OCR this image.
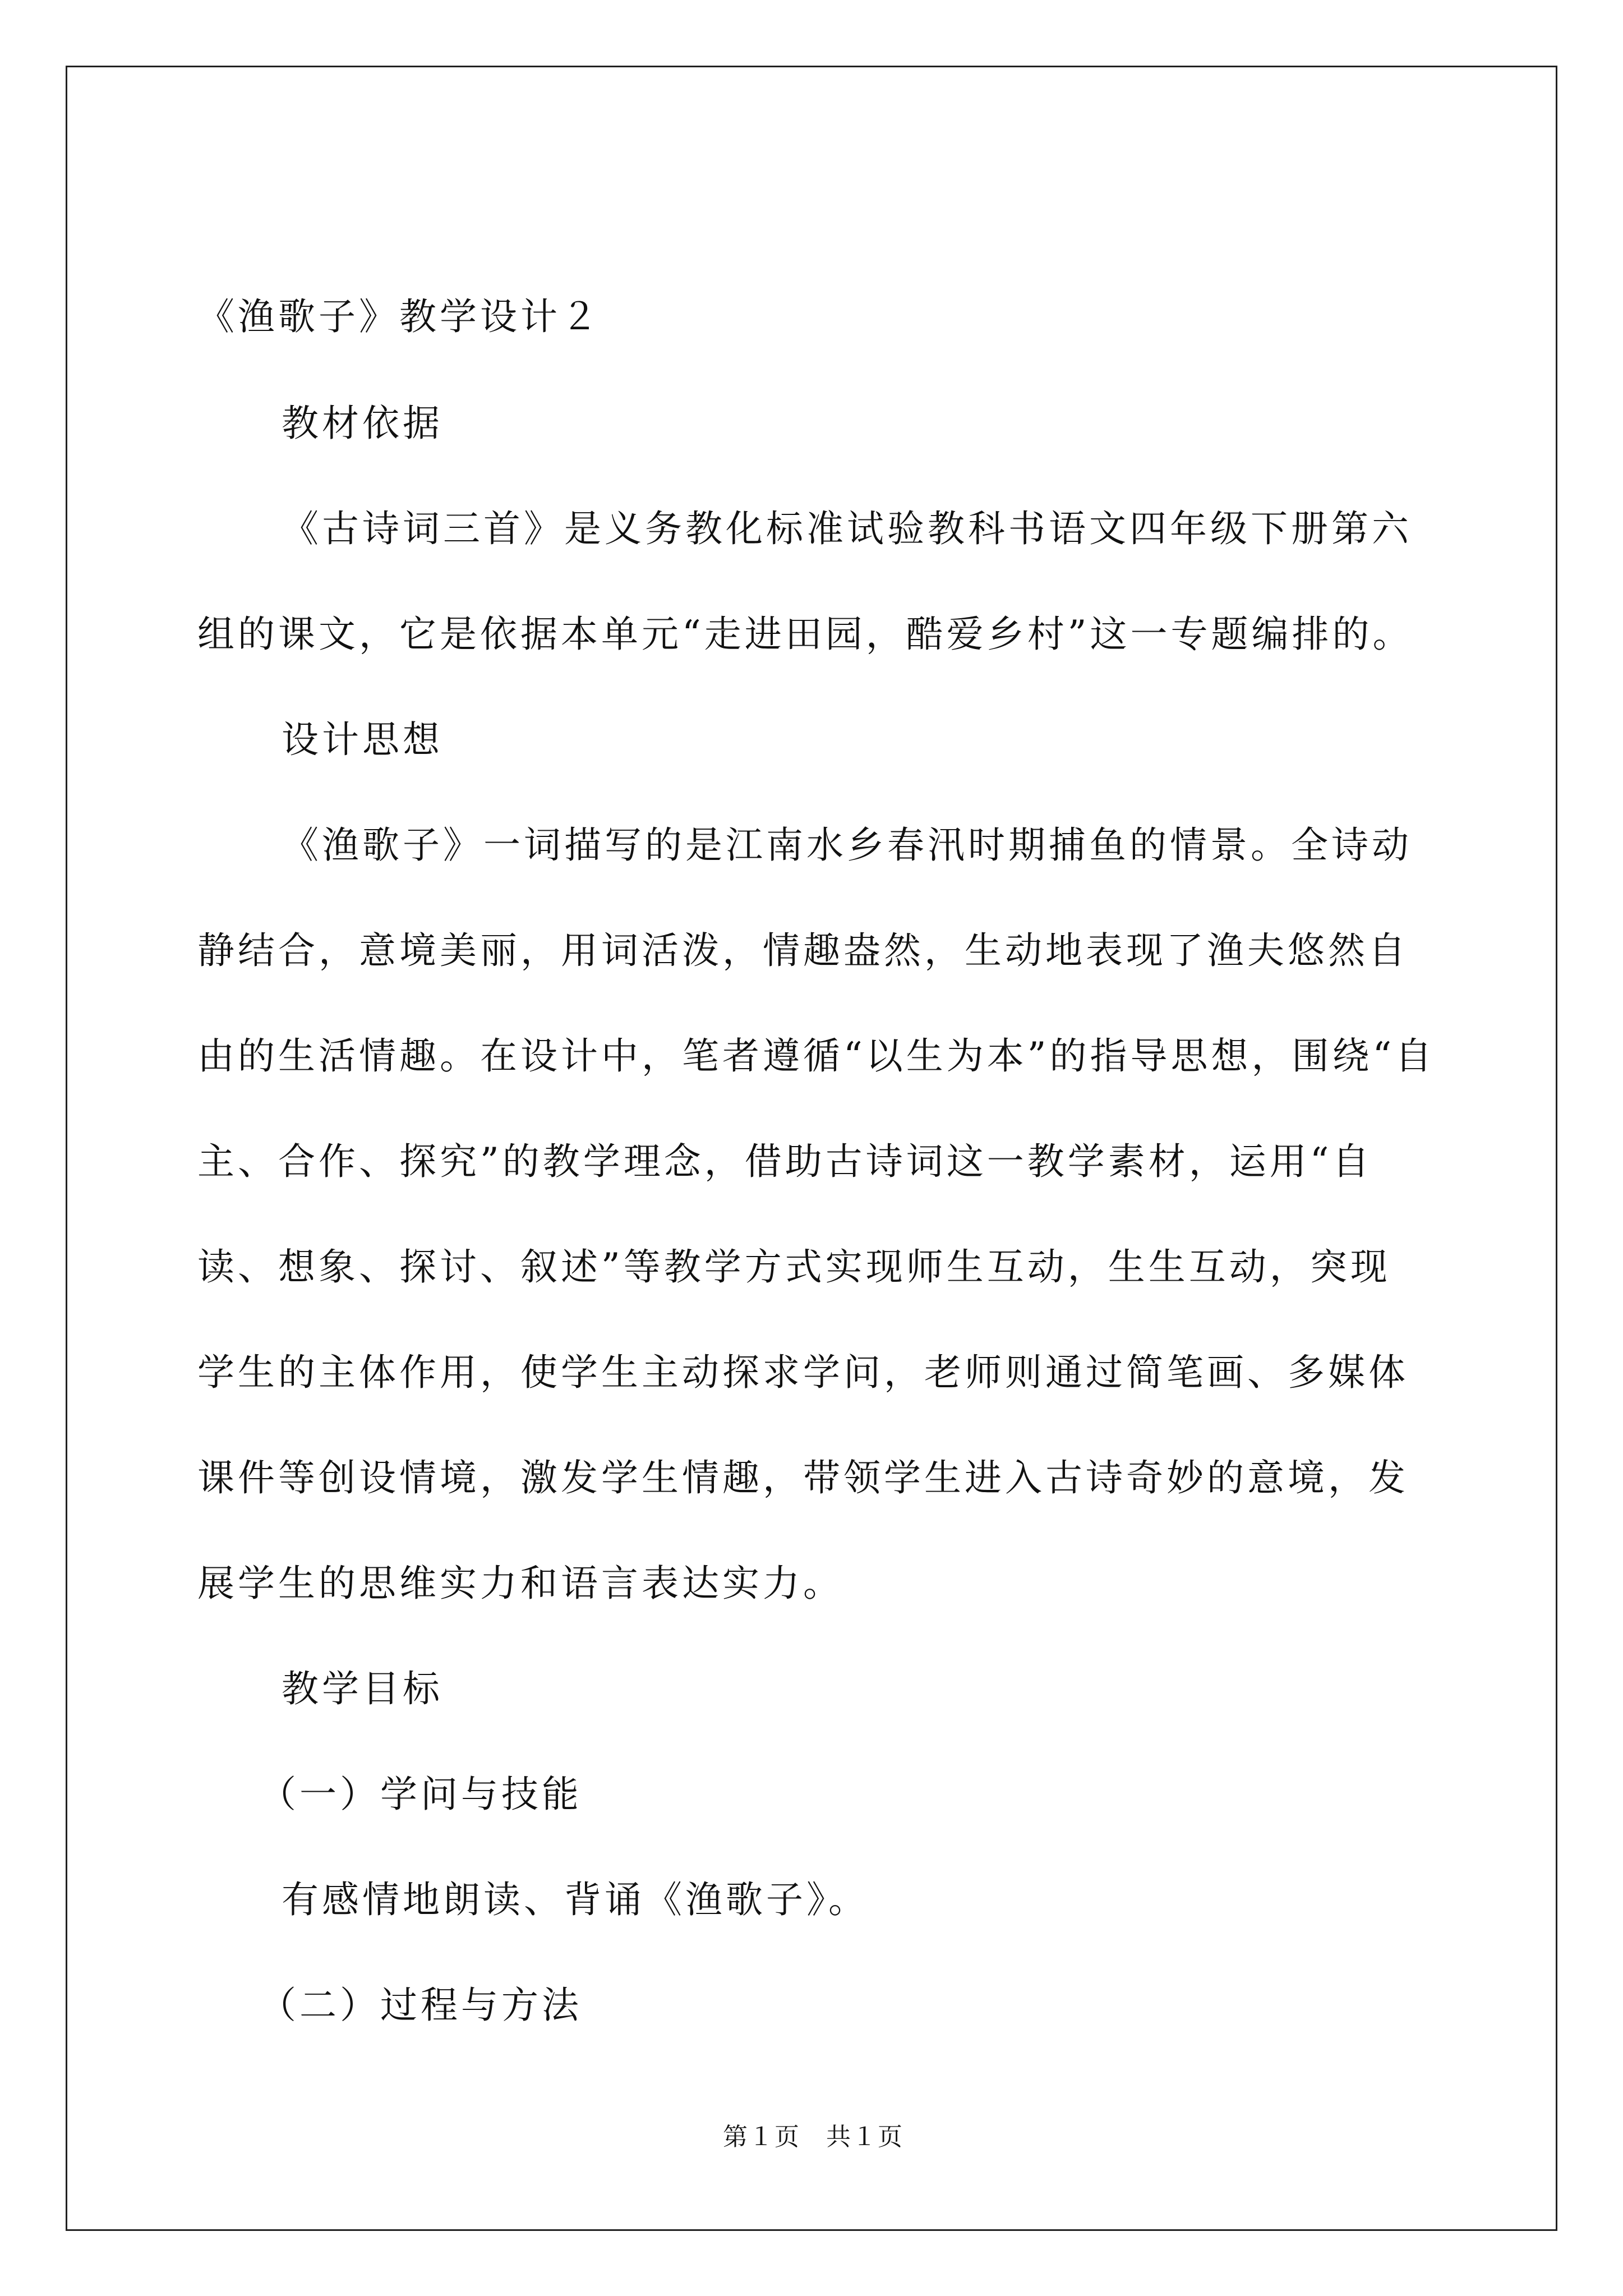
《渔歌子》教学设计２
教材依据
《古诗词三首》是义务教化标准试验教科书语文四年级下册第六
组的课文，它是依据本单元“走进田园，酷爱乡村”这一专题编排的。
设计思想
《渔歌子》一词描写的是江南水乡春汛时期捕鱼的情景。全诗动
静结合，意境美丽，用词活泼，情趣盎然，生动地表现了渔夫悠然自
由的生活情趣。在设计中，笔者遵循“以生为本”的指导思想，围绕“自
主、合作、探究”的教学理念，借助古诗词这一教学素材，运用“自
读、想象、探讨、叙述”等教学方式实现师生互动，生生互动，突现
学生的主体作用，使学生主动探求学问，老师则通过简笔画、多媒体
课件等创设情境，激发学生情趣，带领学生进入古诗奇妙的意境，发
展学生的思维实力和语言表达实力。
教学目标
（一）学问与技能
有感情地朗读、背诵《渔歌子》。
（二）过程与方法
第１页　共１页
